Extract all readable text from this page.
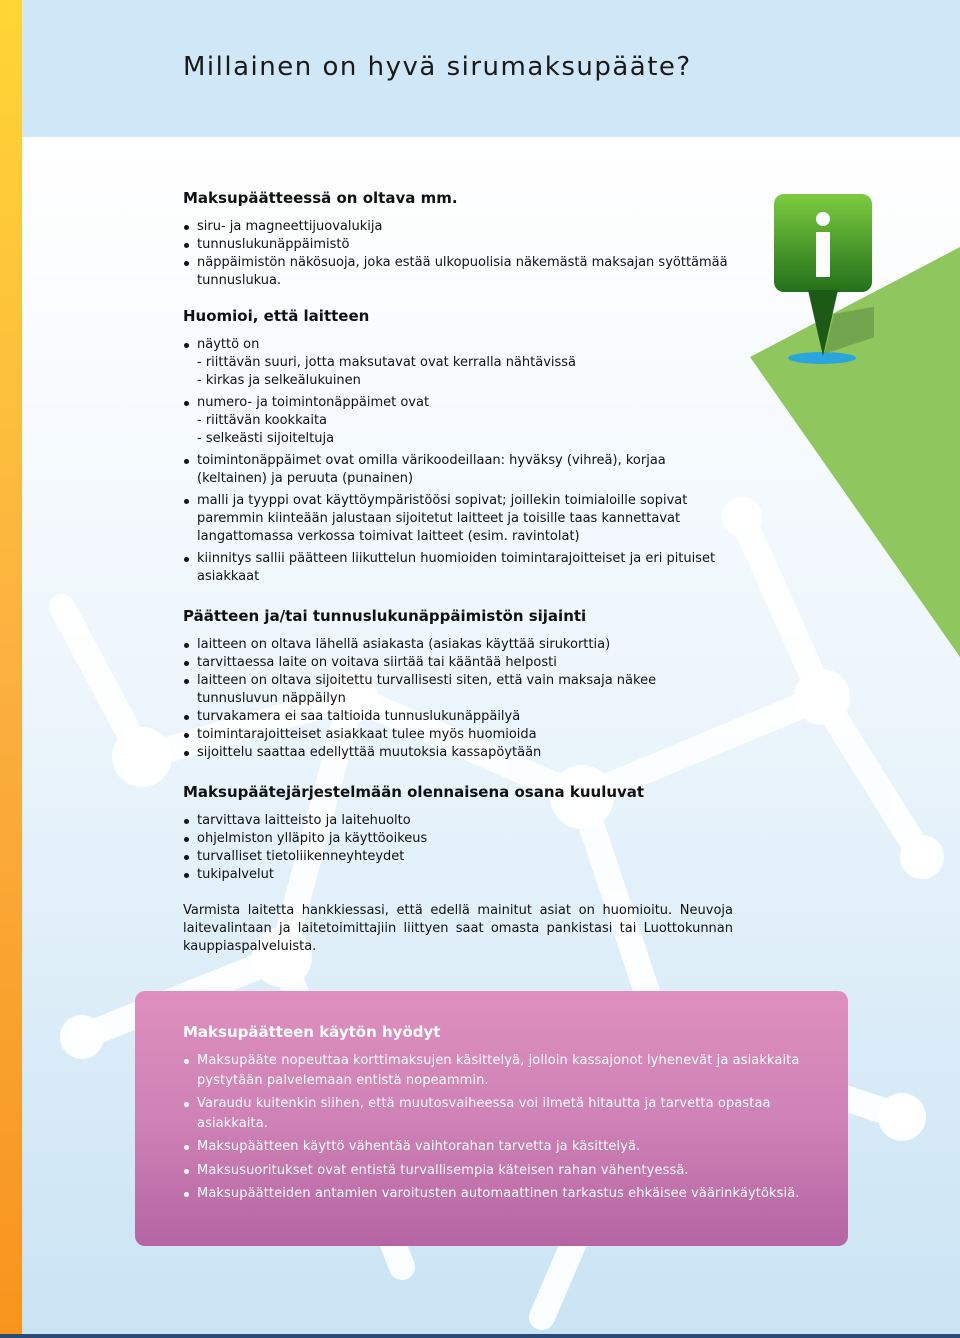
Millainen on hyvä sirumaksupääte?
Maksupäätteessä on oltava mm.
siru- ja magneettijuovalukija
tunnuslukunäppäimistö
näppäimistön näkösuoja, joka estää ulkopuolisia näkemästä maksajan syöttämää tunnuslukua.
Huomioi, että laitteen
näyttö on
- riittävän suuri, jotta maksutavat ovat kerralla nähtävissä
- kirkas ja selkeälukuinen
numero- ja toimintonäppäimet ovat
- riittävän kookkaita
- selkeästi sijoiteltuja
toimintonäppäimet ovat omilla värikoodeillaan: hyväksy (vihreä), korjaa (keltainen) ja peruuta (punainen)
malli ja tyyppi ovat käyttöympäristöösi sopivat; joillekin toimialoille sopivat paremmin kiinteään jalustaan sijoitetut laitteet ja toisille taas kannettavat langattomassa verkossa toimivat laitteet (esim. ravintolat)
kiinnitys sallii päätteen liikuttelun huomioiden toimintarajoitteiset ja eri pituiset asiakkaat
Päätteen ja/tai tunnuslukunäppäimistön sijainti
laitteen on oltava lähellä asiakasta (asiakas käyttää sirukorttia)
tarvittaessa laite on voitava siirtää tai kääntää helposti
laitteen on oltava sijoitettu turvallisesti siten, että vain maksaja näkee tunnusluvun näppäilyn
turvakamera ei saa taltioida tunnuslukunäppäilyä
toimintarajoitteiset asiakkaat tulee myös huomioida
sijoittelu saattaa edellyttää muutoksia kassapöytään
Maksupäätejärjestelmään olennaisena osana kuuluvat
tarvittava laitteisto ja laitehuolto
ohjelmiston ylläpito ja käyttöoikeus
turvalliset tietoliikenneyhteydet
tukipalvelut

Varmista laitetta hankkiessasi, että edellä mainitut asiat on huomioitu. Neuvoja laitevalintaan ja laitetoimittajiin liittyen saat omasta pankistasi tai Luottokunnan kauppiaspalveluista.

Maksupäätteen käytön hyödyt
Maksupääte nopeuttaa korttimaksujen käsittelyä, jolloin kassajonot lyhenevät ja asiakkaita pystytään palvelemaan entistä nopeammin.
Varaudu kuitenkin siihen, että muutosvaiheessa voi ilmetä hitautta ja tarvetta opastaa asiakkaita.
Maksupäätteen käyttö vähentää vaihtorahan tarvetta ja käsittelyä.
Maksusuoritukset ovat entistä turvallisempia käteisen rahan vähentyessä.
Maksupäätteiden antamien varoitusten automaattinen tarkastus ehkäisee väärinkäytöksiä.
